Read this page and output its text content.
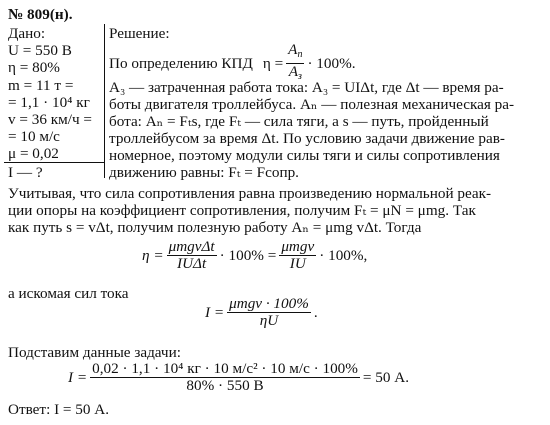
№ 809(н).
Дано:
U = 550 В
η = 80%
m = 11 т =
= 1,1 · 10⁴ кг
v = 36 км/ч =
= 10 м/с
μ = 0,02
I — ?
Решение:
По определению КПД $\eta = \frac{A_п}{A_з} \cdot 100\%$.
A₃ — затраченная работа тока: A₃ = UIΔt, где Δt — время ра-
боты двигателя троллейбуса. Aₙ — полезная механическая ра-
бота: Aₙ = Fₜs, где Fₜ — сила тяги, а s — путь, пройденный
троллейбусом за время Δt. По условию задачи движение рав-
номерное, поэтому модули силы тяги и силы сопротивления
движению равны: Fₜ = Fсопр.
Учитывая, что сила сопротивления равна произведению нормальной реак-
ции опоры на коэффициент сопротивления, получим Fₜ = μN = μmg. Так
как путь s = vΔt, получим полезную работу Aₙ = μmg vΔt. Тогда
$\eta = \frac{\text{μmgvΔt}}{\text{IUΔt}} \cdot 100\% = \frac{\text{μmgv}}{IU} \cdot 100\%$,
а искомая сил тока
$I = \frac{\text{μmgv · 100\%}}{\eta U}$ .
Подставим данные задачи:
$I = \frac{\text{0,02 · 1,1 · 10⁴ кг · 10 м/с² · 10 м/с · 100\%}}{80\% \cdot 550 В} = 50$ А.
Ответ: I = 50 А.
